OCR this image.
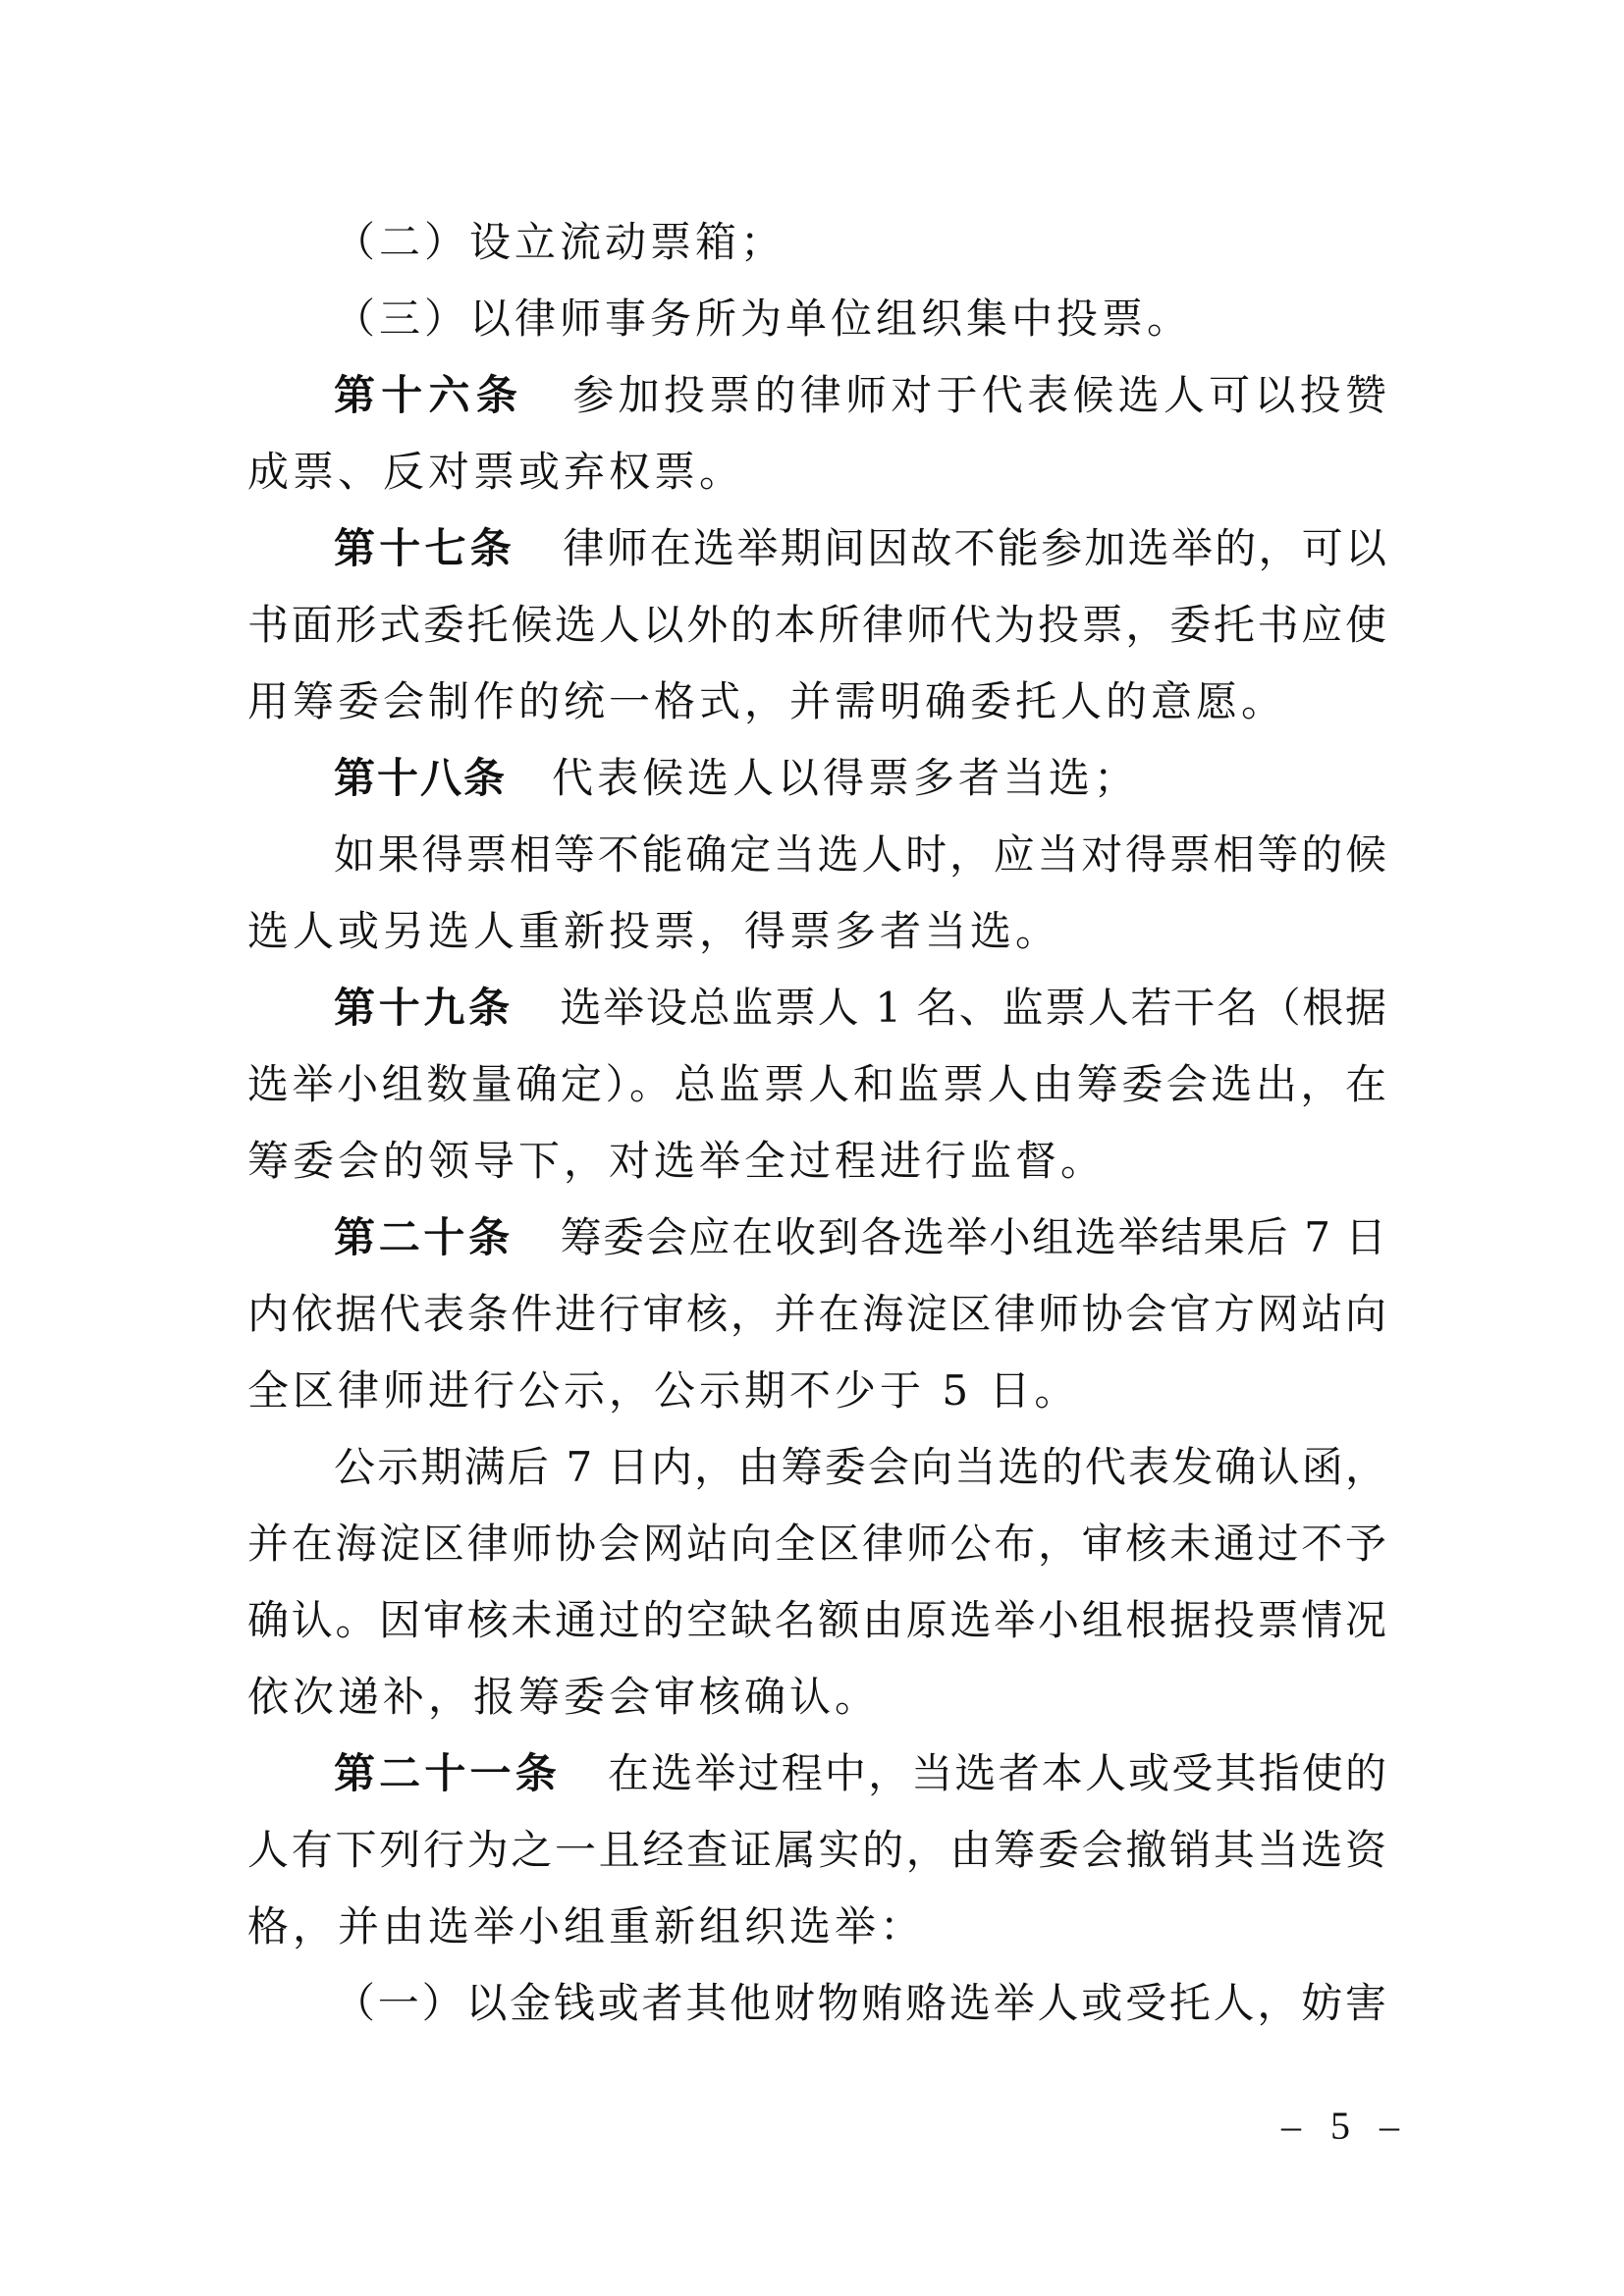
（二）设立流动票箱；
（三）以律师事务所为单位组织集中投票。
第十六条 参加投票的律师对于代表候选人可以投赞
成票、反对票或弃权票。
第十七条 律师在选举期间因故不能参加选举的，可以
书面形式委托候选人以外的本所律师代为投票，委托书应使
用筹委会制作的统一格式，并需明确委托人的意愿。
第十八条 代表候选人以得票多者当选；
如果得票相等不能确定当选人时，应当对得票相等的候
选人或另选人重新投票，得票多者当选。
第十九条 选举设总监票人 1 名、监票人若干名（根据
选举小组数量确定）。总监票人和监票人由筹委会选出，在
筹委会的领导下，对选举全过程进行监督。
第二十条 筹委会应在收到各选举小组选举结果后 7 日
内依据代表条件进行审核，并在海淀区律师协会官方网站向
全区律师进行公示，公示期不少于 5 日。
公示期满后 7 日内，由筹委会向当选的代表发确认函，
并在海淀区律师协会网站向全区律师公布，审核未通过不予
确认。因审核未通过的空缺名额由原选举小组根据投票情况
依次递补，报筹委会审核确认。
第二十一条 在选举过程中，当选者本人或受其指使的
人有下列行为之一且经查证属实的，由筹委会撤销其当选资
格，并由选举小组重新组织选举：
（一）以金钱或者其他财物贿赂选举人或受托人，妨害
– 5 –
